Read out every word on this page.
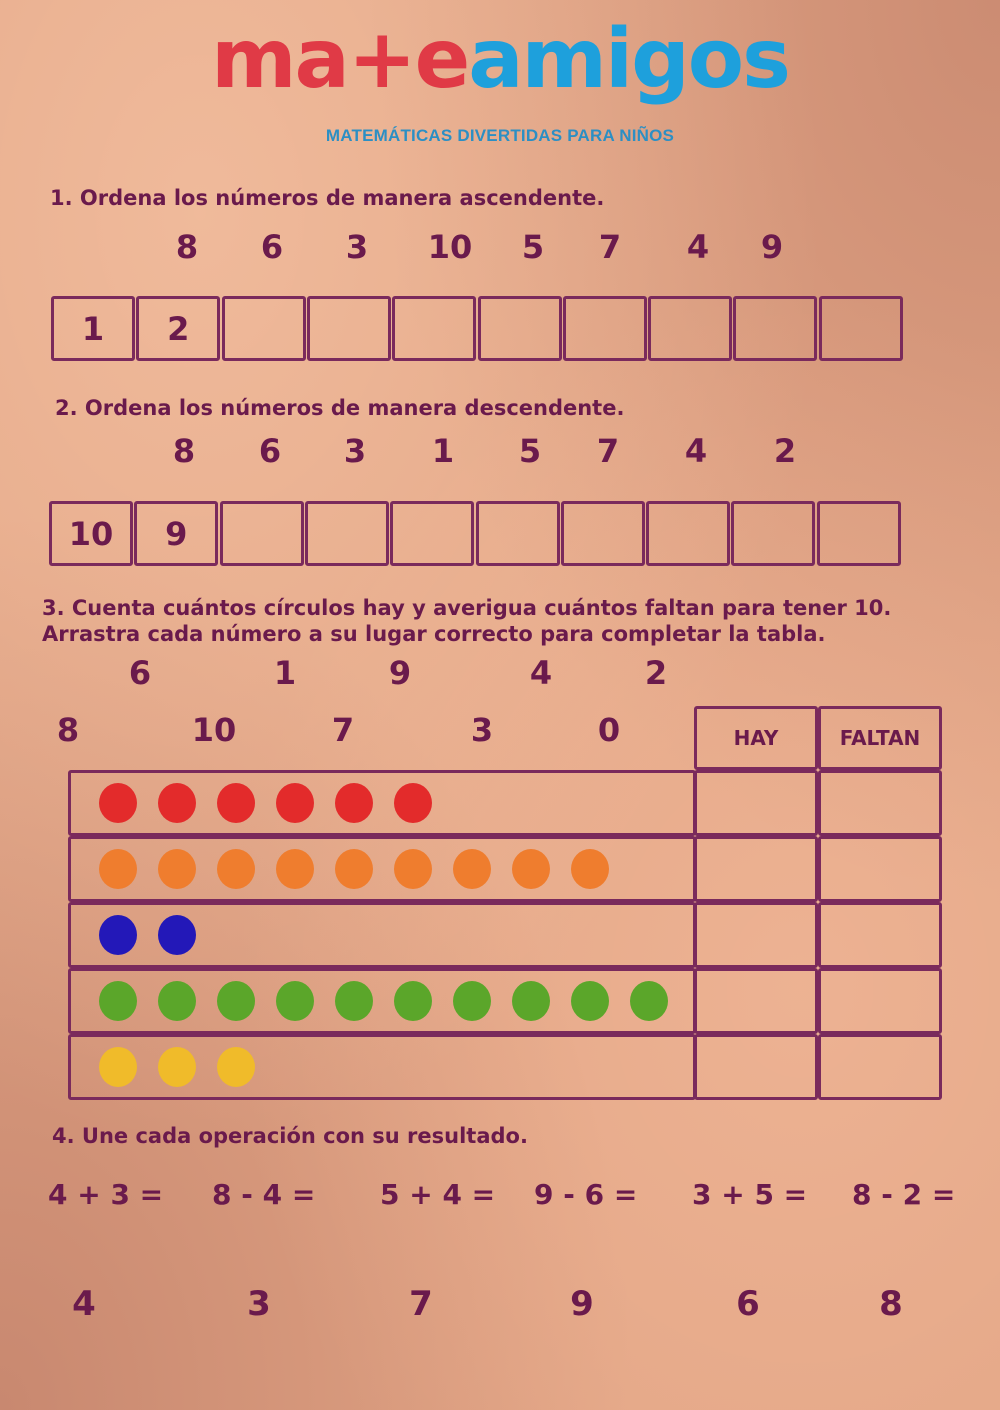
ma+eamigos
MATEMÁTICAS DIVERTIDAS PARA NIÑOS
1. Ordena los números de manera ascendente.
8	6	3	10	5	7	4	9
1	2
2. Ordena los números de manera descendente.
8	6	3	1	5	7	4	2
10	9
3. Cuenta cuántos círculos hay y averigua cuántos faltan para tener 10.
Arrastra cada número a su lugar correcto para completar la tabla.
6	1	9	4	2
8	10	7	3	0	HAY	FALTAN
4. Une cada operación con su resultado.
4 + 3 = 8 - 4 = 5 + 4 = 9 - 6 = 3 + 5 = 8 - 2 =
4	3	7	9	6	8
